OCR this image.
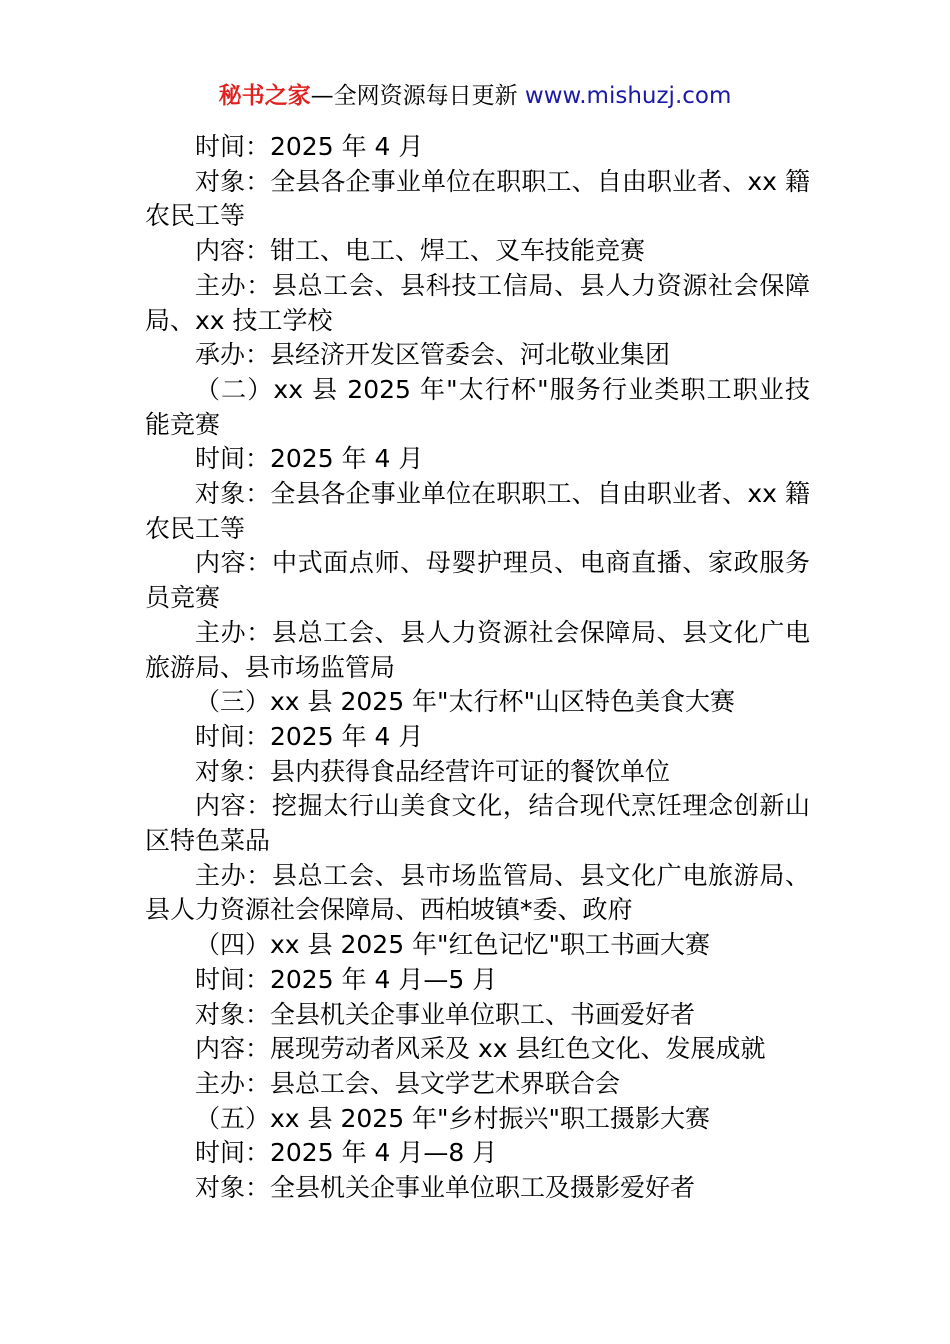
秘书之家—全网资源每日更新 www.mishuzj.com

时间：2025 年 4 月

对象：全县各企事业单位在职职工、自由职业者、xx 籍农民工等

内容：钳工、电工、焊工、叉车技能竞赛

主办：县总工会、县科技工信局、县人力资源社会保障局、xx 技工学校

承办：县经济开发区管委会、河北敬业集团

（二）xx 县 2025 年"太行杯"服务行业类职工职业技能竞赛

时间：2025 年 4 月

对象：全县各企事业单位在职职工、自由职业者、xx 籍农民工等

内容：中式面点师、母婴护理员、电商直播、家政服务员竞赛

主办：县总工会、县人力资源社会保障局、县文化广电旅游局、县市场监管局

（三）xx 县 2025 年"太行杯"山区特色美食大赛

时间：2025 年 4 月

对象：县内获得食品经营许可证的餐饮单位

内容：挖掘太行山美食文化，结合现代烹饪理念创新山区特色菜品

主办：县总工会、县市场监管局、县文化广电旅游局、县人力资源社会保障局、西柏坡镇*委、政府

（四）xx 县 2025 年"红色记忆"职工书画大赛

时间：2025 年 4 月—5 月

对象：全县机关企事业单位职工、书画爱好者

内容：展现劳动者风采及 xx 县红色文化、发展成就

主办：县总工会、县文学艺术界联合会

（五）xx 县 2025 年"乡村振兴"职工摄影大赛

时间：2025 年 4 月—8 月

对象：全县机关企事业单位职工及摄影爱好者
